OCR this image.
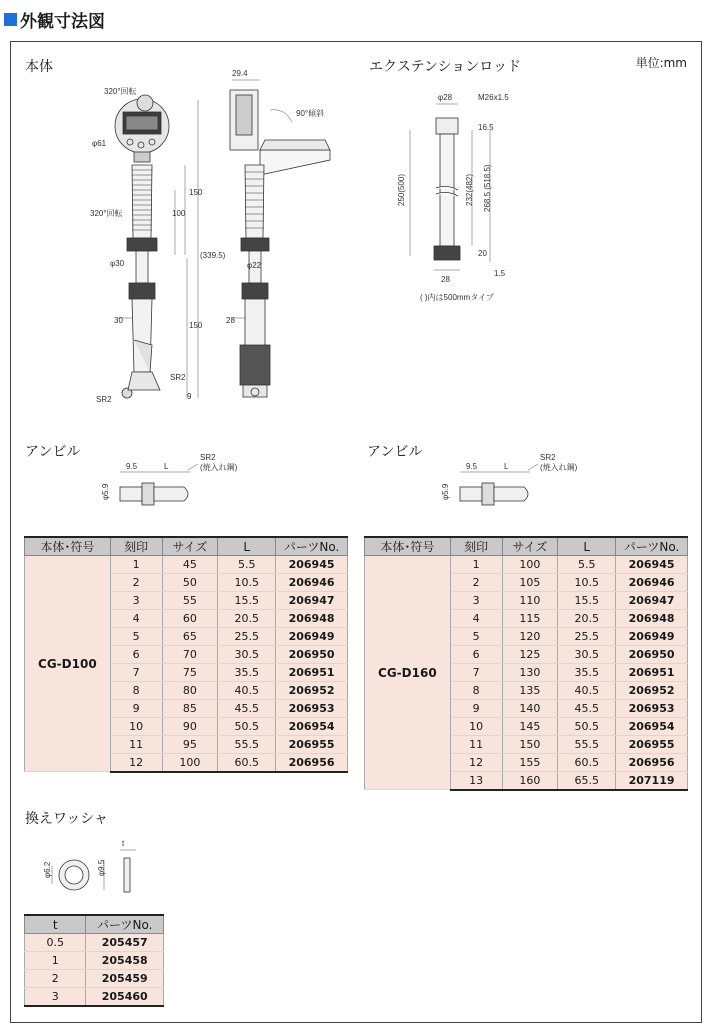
外観寸法図
本体	エクステンションロッド	単位:mm
アンビル	アンビル
換えワッシャ
320°回転
φ61
320°回転
φ30	φ22
29.4
90°傾斜
150
100
(339.5)
150
30	28
9
SR2
SR2
φ28	M26x1.5
16.5
250(500)	232(482) 268.5 (518.5)
20
1.5
28
( )内は500mmタイプ
9.5	L
SR2
(焼入れ鋼)
φ5.9
9.5	L
SR2
(焼入れ鋼)
φ5.9
φ6.2	φ9.5
t
本体･符号	刻印	サイズ	L	パーツNo.
CG-D100	1	45	5.5	206945
	2	50	10.5	206946
	3	55	15.5	206947
	4	60	20.5	206948
	5	65	25.5	206949
	6	70	30.5	206950
	7	75	35.5	206951
	8	80	40.5	206952
	9	85	45.5	206953
	10	90	50.5	206954
	11	95	55.5	206955
	12	100	60.5	206956
本体･符号	刻印	サイズ	L	パーツNo.
CG-D160	1	100	5.5	206945
	2	105	10.5	206946
	3	110	15.5	206947
	4	115	20.5	206948
	5	120	25.5	206949
	6	125	30.5	206950
	7	130	35.5	206951
	8	135	40.5	206952
	9	140	45.5	206953
	10	145	50.5	206954
	11	150	55.5	206955
	12	155	60.5	206956
	13	160	65.5	207119
t	パーツNo.
0.5	205457
1	205458
2	205459
3	205460
